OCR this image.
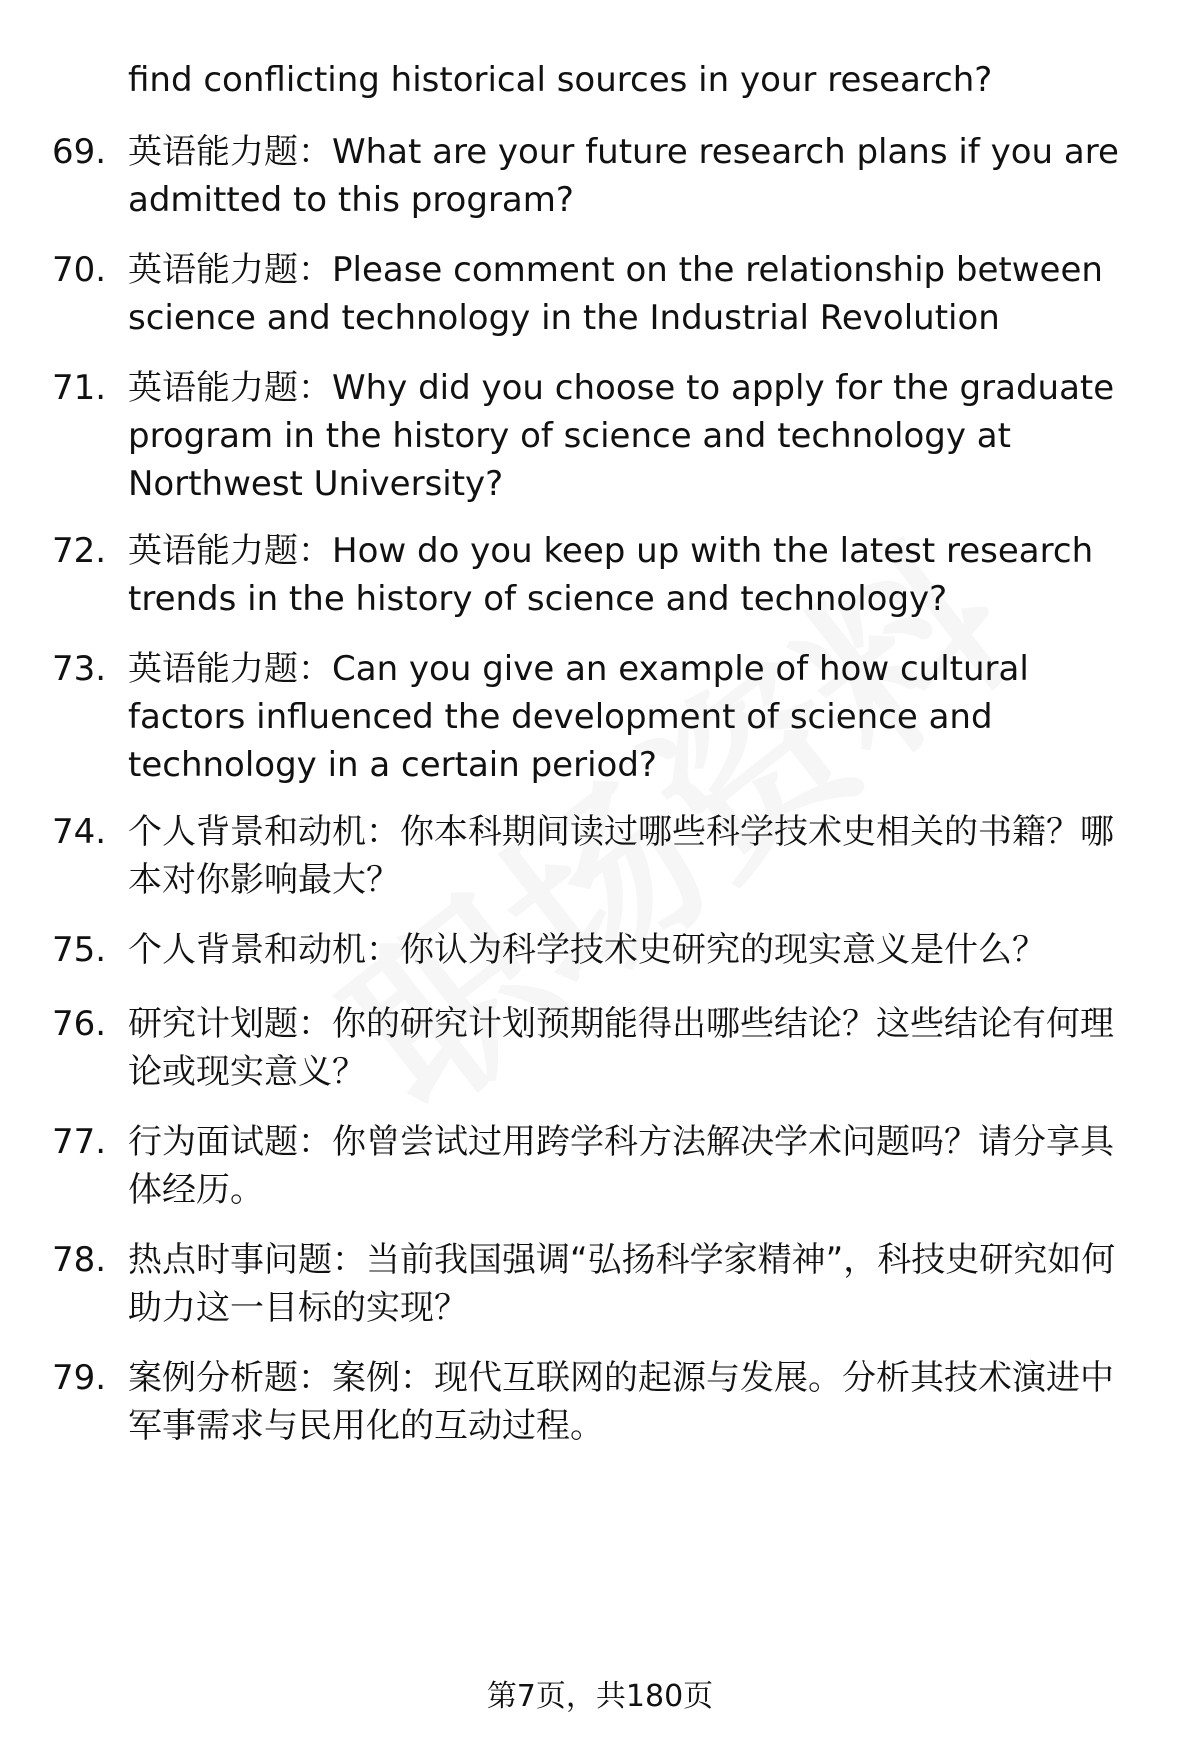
find conflicting historical sources in your research?
69. 英语能力题：What are your future research plans if you are admitted to this program?
70. 英语能力题：Please comment on the relationship between science and technology in the Industrial Revolution
71. 英语能力题：Why did you choose to apply for the graduate program in the history of science and technology at Northwest University?
72. 英语能力题：How do you keep up with the latest research trends in the history of science and technology?
73. 英语能力题：Can you give an example of how cultural factors influenced the development of science and technology in a certain period?
74. 个人背景和动机：你本科期间读过哪些科学技术史相关的书籍？哪本对你影响最大？
75. 个人背景和动机：你认为科学技术史研究的现实意义是什么？
76. 研究计划题：你的研究计划预期能得出哪些结论？这些结论有何理论或现实意义？
77. 行为面试题：你曾尝试过用跨学科方法解决学术问题吗？请分享具体经历。
78. 热点时事问题：当前我国强调“弘扬科学家精神”，科技史研究如何助力这一目标的实现？
79. 案例分析题：案例：现代互联网的起源与发展。分析其技术演进中军事需求与民用化的互动过程。
第7页，共180页
